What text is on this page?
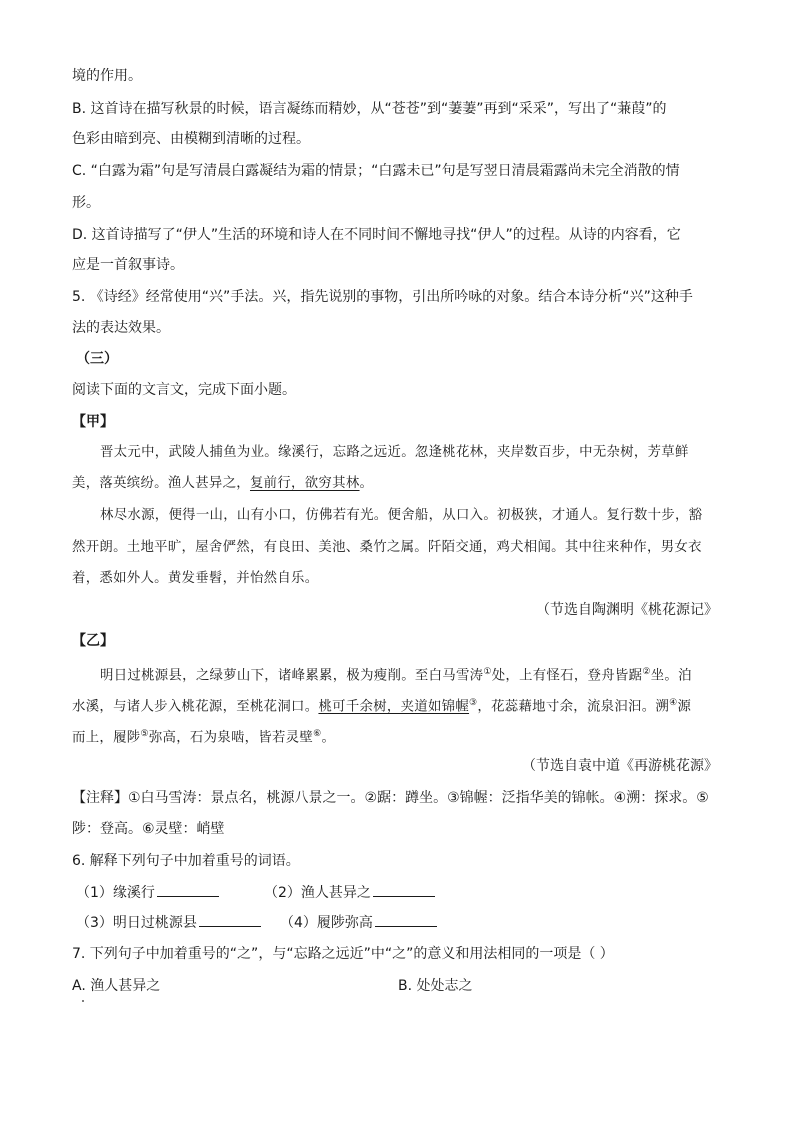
境的作用。
B. 这首诗在描写秋景的时候，语言凝练而精妙，从“苍苍”到“萋萋”再到“采采”，写出了“蒹葭”的
色彩由暗到亮、由模糊到清晰的过程。
C. “白露为霜”句是写清晨白露凝结为霜的情景；“白露未已”句是写翌日清晨霜露尚未完全消散的情
形。
D. 这首诗描写了“伊人”生活的环境和诗人在不同时间不懈地寻找“伊人”的过程。从诗的内容看，它
应是一首叙事诗。
5. 《诗经》经常使用“兴”手法。兴，指先说别的事物，引出所吟咏的对象。结合本诗分析“兴”这种手
法的表达效果。
（三）
阅读下面的文言文，完成下面小题。
【甲】
晋太元中，武陵人捕鱼为业。缘溪行，忘路之远近。忽逢桃花林，夹岸数百步，中无杂树，芳草鲜
美，落英缤纷。渔人甚异之，复前行，欲穷其林。
林尽水源，便得一山，山有小口，仿佛若有光。便舍船，从口入。初极狭，才通人。复行数十步，豁
然开朗。土地平旷，屋舍俨然，有良田、美池、桑竹之属。阡陌交通，鸡犬相闻。其中往来种作，男女衣
着，悉如外人。黄发垂髫，并怡然自乐。
（节选自陶渊明《桃花源记》
【乙】
明日过桃源县，之绿萝山下，诸峰累累，极为瘦削。至白马雪涛①处，上有怪石，登舟皆踞②坐。泊
水溪，与诸人步入桃花源，至桃花洞口。桃可千余树，夹道如锦幄③，花蕊藉地寸余，流泉汩汩。溯④源
而上，履陟⑤弥高，石为泉啮，皆若灵壁⑥。
（节选自袁中道《再游桃花源》
【注释】①白马雪涛：景点名，桃源八景之一。②踞：蹲坐。③锦幄：泛指华美的锦帐。④溯：探求。⑤
陟：登高。⑥灵壁：峭壁
6. 解释下列句子中加着重号的词语。
（1）缘溪行	（2）渔人甚异之
（3）明日过桃源县	（4）履陟弥高
7. 下列句子中加着重号的“之”，与“忘路之远近”中“之”的意义和用法相同的一项是（ ）
A. 渔人甚异之	B. 处处志之
